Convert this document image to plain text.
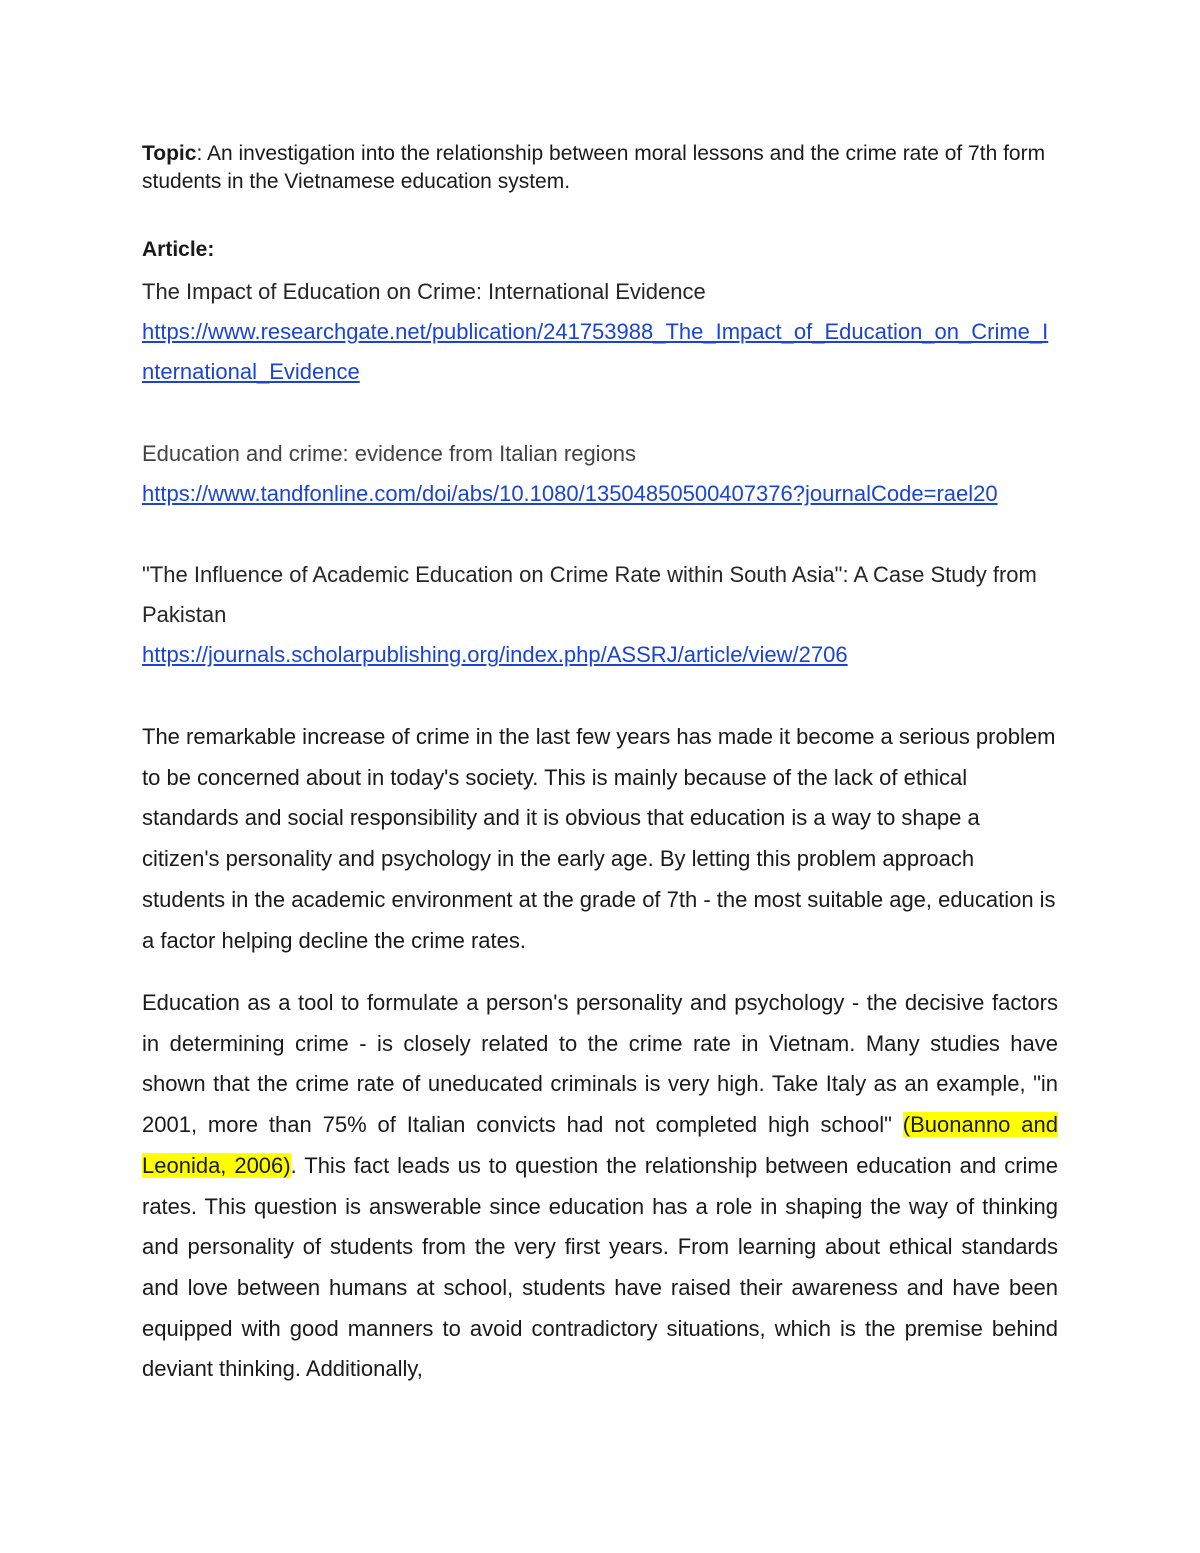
Topic: An investigation into the relationship between moral lessons and the crime rate of 7th form students in the Vietnamese education system.

Article:

The Impact of Education on Crime: International Evidence
https://www.researchgate.net/publication/241753988_The_Impact_of_Education_on_Crime_International_Evidence
Education and crime: evidence from Italian regions
https://www.tandfonline.com/doi/abs/10.1080/13504850500407376?journalCode=rael20
"The Influence of Academic Education on Crime Rate within South Asia": A Case Study from Pakistan
https://journals.scholarpublishing.org/index.php/ASSRJ/article/view/2706

The remarkable increase of crime in the last few years has made it become a serious problem to be concerned about in today's society. This is mainly because of the lack of ethical standards and social responsibility and it is obvious that education is a way to shape a citizen's personality and psychology in the early age. By letting this problem approach students in the academic environment at the grade of 7th - the most suitable age, education is a factor helping decline the crime rates.

Education as a tool to formulate a person's personality and psychology - the decisive factors in determining crime - is closely related to the crime rate in Vietnam. Many studies have shown that the crime rate of uneducated criminals is very high. Take Italy as an example, "in 2001, more than 75% of Italian convicts had not completed high school" (Buonanno and Leonida, 2006). This fact leads us to question the relationship between education and crime rates. This question is answerable since education has a role in shaping the way of thinking and personality of students from the very first years. From learning about ethical standards and love between humans at school, students have raised their awareness and have been equipped with good manners to avoid contradictory situations, which is the premise behind deviant thinking. Additionally,
